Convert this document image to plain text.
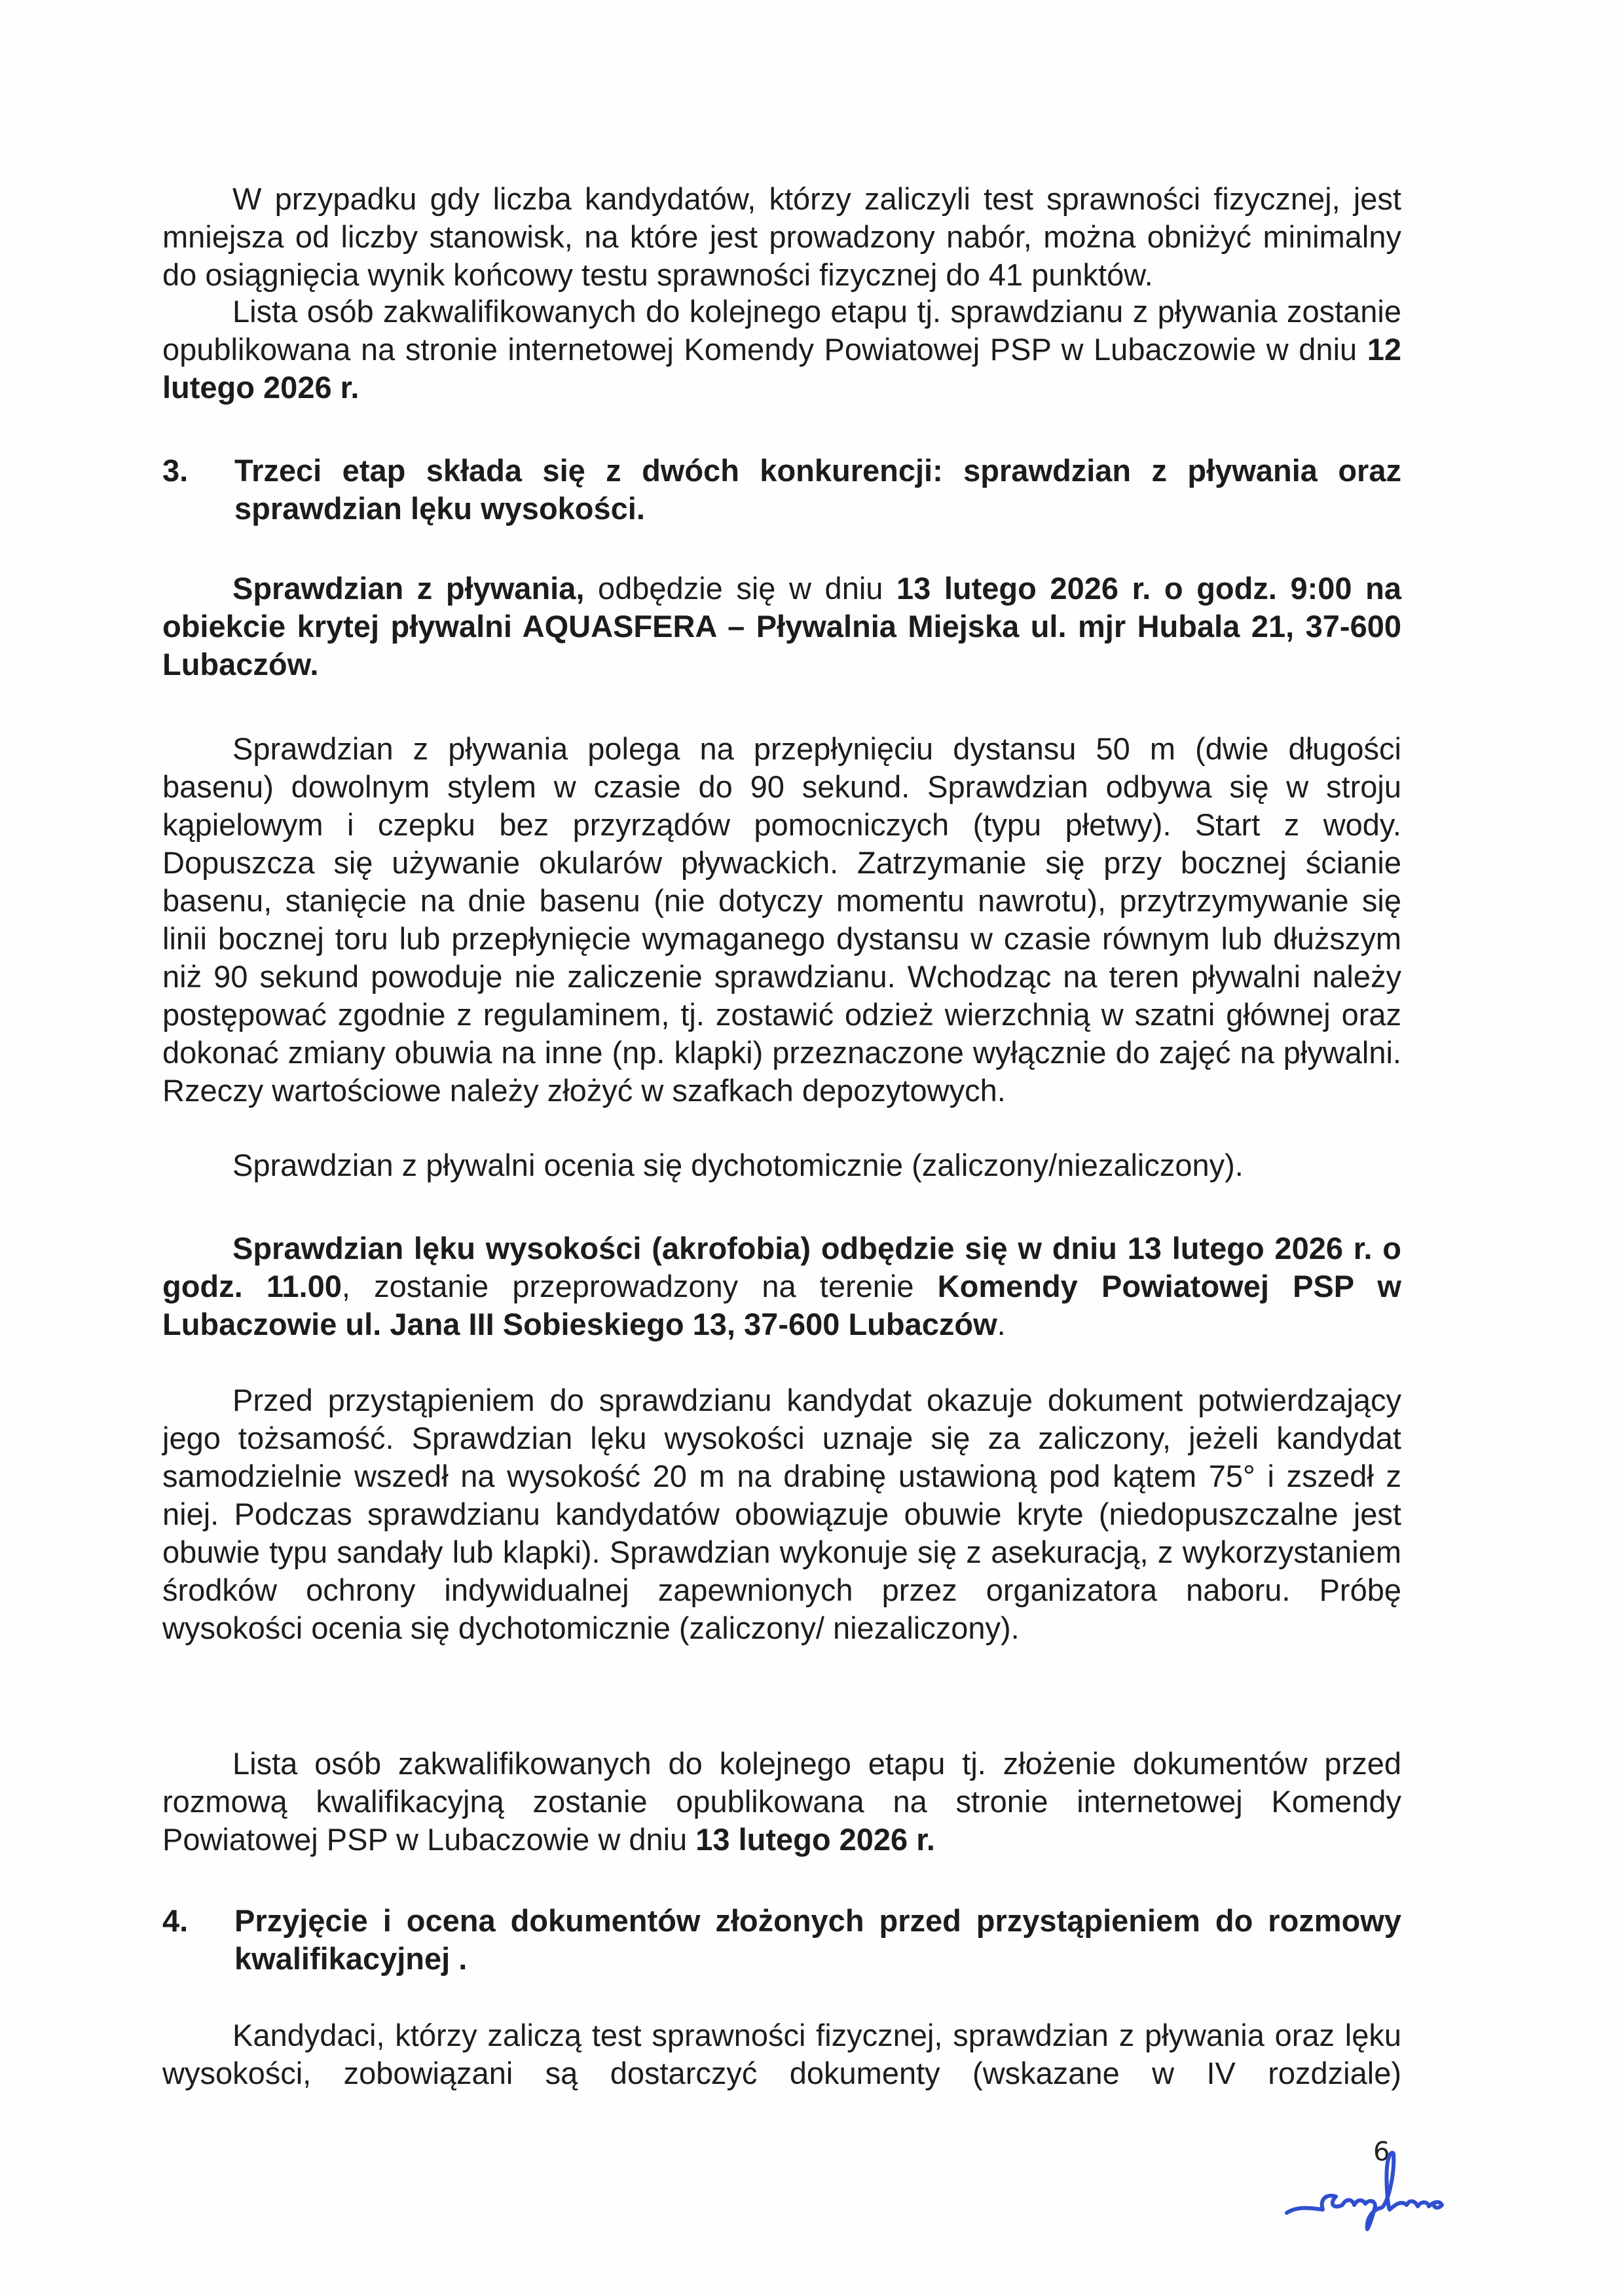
W przypadku gdy liczba kandydatów, którzy zaliczyli test sprawności fizycznej, jest mniejsza od liczby stanowisk, na które jest prowadzony nabór, można obniżyć minimalny do osiągnięcia wynik końcowy testu sprawności fizycznej do 41 punktów.

Lista osób zakwalifikowanych do kolejnego etapu tj. sprawdzianu z pływania zostanie opublikowana na stronie internetowej Komendy Powiatowej PSP w Lubaczowie w dniu 12 lutego 2026 r.

3.	Trzeci etap składa się z dwóch konkurencji: sprawdzian z pływania oraz sprawdzian lęku wysokości.

Sprawdzian z pływania, odbędzie się w dniu 13 lutego 2026 r. o godz. 9:00 na obiekcie krytej pływalni AQUASFERA – Pływalnia Miejska ul. mjr Hubala 21, 37-600 Lubaczów.

Sprawdzian z pływania polega na przepłynięciu dystansu 50 m (dwie długości basenu) dowolnym stylem w czasie do 90 sekund. Sprawdzian odbywa się w stroju kąpielowym i czepku bez przyrządów pomocniczych (typu płetwy). Start z wody. Dopuszcza się używanie okularów pływackich. Zatrzymanie się przy bocznej ścianie basenu, stanięcie na dnie basenu (nie dotyczy momentu nawrotu), przytrzymywanie się linii bocznej toru lub przepłynięcie wymaganego dystansu w czasie równym lub dłuższym niż 90 sekund powoduje nie zaliczenie sprawdzianu. Wchodząc na teren pływalni należy postępować zgodnie z regulaminem, tj. zostawić odzież wierzchnią w szatni głównej oraz dokonać zmiany obuwia na inne (np. klapki) przeznaczone wyłącznie do zajęć na pływalni. Rzeczy wartościowe należy złożyć w szafkach depozytowych.

Sprawdzian z pływalni ocenia się dychotomicznie (zaliczony/niezaliczony).

Sprawdzian lęku wysokości (akrofobia) odbędzie się w dniu 13 lutego 2026 r. o godz. 11.00, zostanie przeprowadzony na terenie Komendy Powiatowej PSP w Lubaczowie ul. Jana III Sobieskiego 13, 37-600 Lubaczów.

Przed przystąpieniem do sprawdzianu kandydat okazuje dokument potwierdzający jego tożsamość. Sprawdzian lęku wysokości uznaje się za zaliczony, jeżeli kandydat samodzielnie wszedł na wysokość 20 m na drabinę ustawioną pod kątem 75° i zszedł z niej. Podczas sprawdzianu kandydatów obowiązuje obuwie kryte (niedopuszczalne jest obuwie typu sandały lub klapki). Sprawdzian wykonuje się z asekuracją, z wykorzystaniem środków ochrony indywidualnej zapewnionych przez organizatora naboru. Próbę wysokości ocenia się dychotomicznie (zaliczony/ niezaliczony).

Lista osób zakwalifikowanych do kolejnego etapu tj. złożenie dokumentów przed rozmową kwalifikacyjną zostanie opublikowana na stronie internetowej Komendy Powiatowej PSP w Lubaczowie w dniu 13 lutego 2026 r.

4.	Przyjęcie i ocena dokumentów złożonych przed przystąpieniem do rozmowy kwalifikacyjnej .

Kandydaci, którzy zaliczą test sprawności fizycznej, sprawdzian z pływania oraz lęku wysokości, zobowiązani są dostarczyć dokumenty (wskazane w IV rozdziale)

6
